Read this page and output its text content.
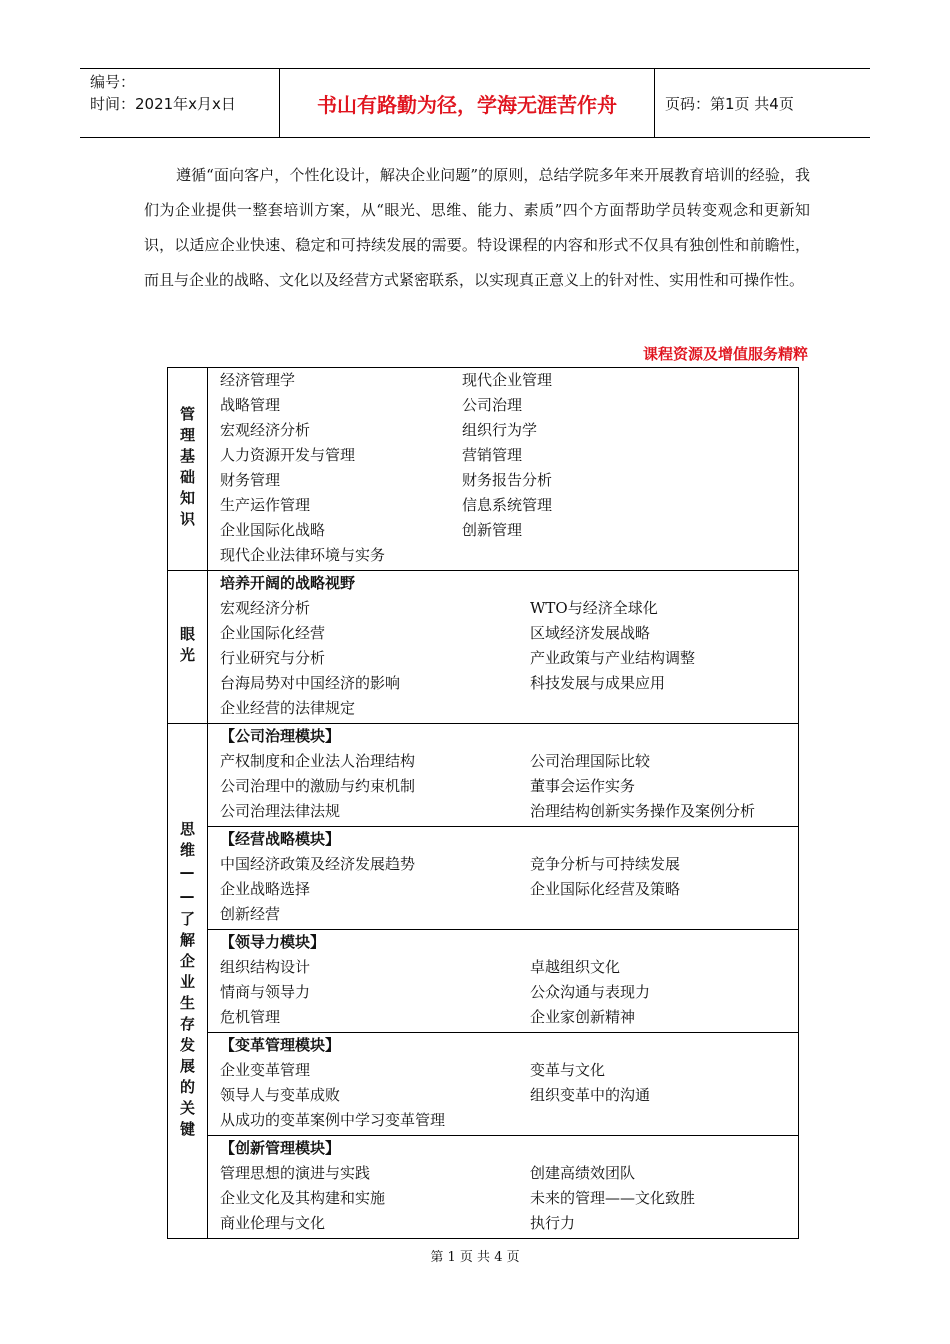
编号：
时间：2021年x月x日	书山有路勤为径，学海无涯苦作舟	页码：第1页 共4页

遵循“面向客户，个性化设计，解决企业问题”的原则，总结学院多年来开展教育培训的经验，我们为企业提供一整套培训方案，从“眼光、思维、能力、素质”四个方面帮助学员转变观念和更新知识，以适应企业快速、稳定和可持续发展的需要。特设课程的内容和形式不仅具有独创性和前瞻性，而且与企业的战略、文化以及经营方式紧密联系，以实现真正意义上的针对性、实用性和可操作性。

课程资源及增值服务精粹
管理基础知识
经济管理学	现代企业管理
战略管理	公司治理
宏观经济分析	组织行为学
人力资源开发与管理	营销管理
财务管理	财务报告分析
生产运作管理	信息系统管理
企业国际化战略	创新管理
现代企业法律环境与实务
眼光
培养开阔的战略视野
宏观经济分析	WTO与经济全球化
企业国际化经营	区域经济发展战略
行业研究与分析	产业政策与产业结构调整
台海局势对中国经济的影响	科技发展与成果应用
企业经营的法律规定
思维——了解企业生存发展的关键
【公司治理模块】
产权制度和企业法人治理结构	公司治理国际比较
公司治理中的激励与约束机制	董事会运作实务
公司治理法律法规	治理结构创新实务操作及案例分析
【经营战略模块】
中国经济政策及经济发展趋势	竞争分析与可持续发展
企业战略选择	企业国际化经营及策略
创新经营
【领导力模块】
组织结构设计	卓越组织文化
情商与领导力	公众沟通与表现力
危机管理	企业家创新精神
【变革管理模块】
企业变革管理	变革与文化
领导人与变革成败	组织变革中的沟通
从成功的变革案例中学习变革管理
【创新管理模块】
管理思想的演进与实践	创建高绩效团队
企业文化及其构建和实施	未来的管理——文化致胜
商业伦理与文化	执行力
第 1 页 共 4 页
